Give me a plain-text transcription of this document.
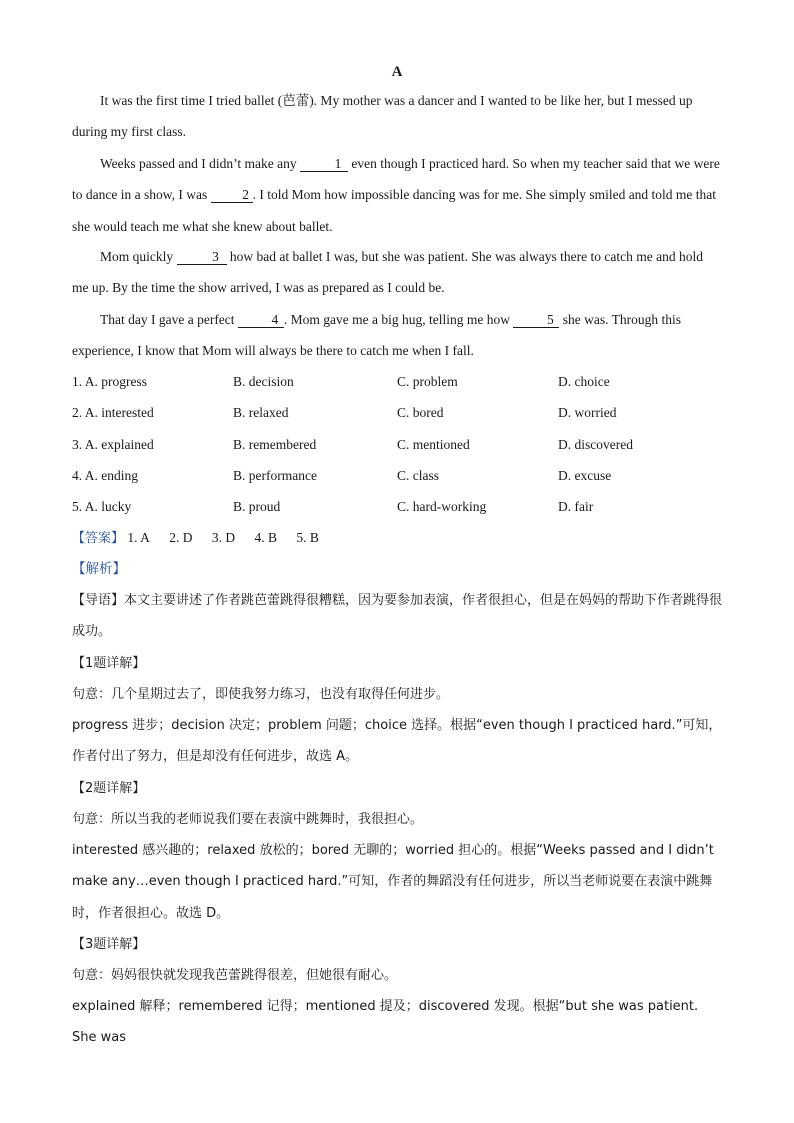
A

It was the first time I tried ballet (芭蕾). My mother was a dancer and I wanted to be like her, but I messed up during my first class.

Weeks passed and I didn’t make any	1 even though I practiced hard. So when my teacher said that we were to dance in a show, I was 2 . I told Mom how impossible dancing was for me. She simply smiled and told me that she would teach me what she knew about ballet.

Mom quickly	3 how bad at ballet I was, but she was patient. She was always there to catch me and hold me up. By the time the show arrived, I was as prepared as I could be.

That day I gave a perfect 4 . Mom gave me a big hug, telling me how 5 she was. Through this experience, I know that Mom will always be there to catch me when I fall.

1. A. progress	B. decision	C. problem	D. choice
2. A. interested	B. relaxed	C. bored	D. worried
3. A. explained	B. remembered	C. mentioned	D. discovered
4. A. ending	B. performance	C. class	D. excuse
5. A. lucky	B. proud	C. hard-working	D. fair
【答案】 1. A 2. D 3. D 4. B 5. B
【解析】

【导语】本文主要讲述了作者跳芭蕾跳得很糟糕，因为要参加表演，作者很担心，但是在妈妈的帮助下作者跳得很成功。

【1题详解】

句意：几个星期过去了，即使我努力练习，也没有取得任何进步。

progress 进步；decision 决定；problem 问题；choice 选择。根据“even though I practiced hard.”可知，作者付出了努力，但是却没有任何进步，故选 A。

【2题详解】

句意：所以当我的老师说我们要在表演中跳舞时，我很担心。

interested 感兴趣的；relaxed 放松的；bored 无聊的；worried 担心的。根据“Weeks passed and I didn’t make any…even though I practiced hard.”可知，作者的舞蹈没有任何进步，所以当老师说要在表演中跳舞时，作者很担心。故选 D。

【3题详解】

句意：妈妈很快就发现我芭蕾跳得很差，但她很有耐心。

explained 解释；remembered 记得；mentioned 提及；discovered 发现。根据“but she was patient. She was
